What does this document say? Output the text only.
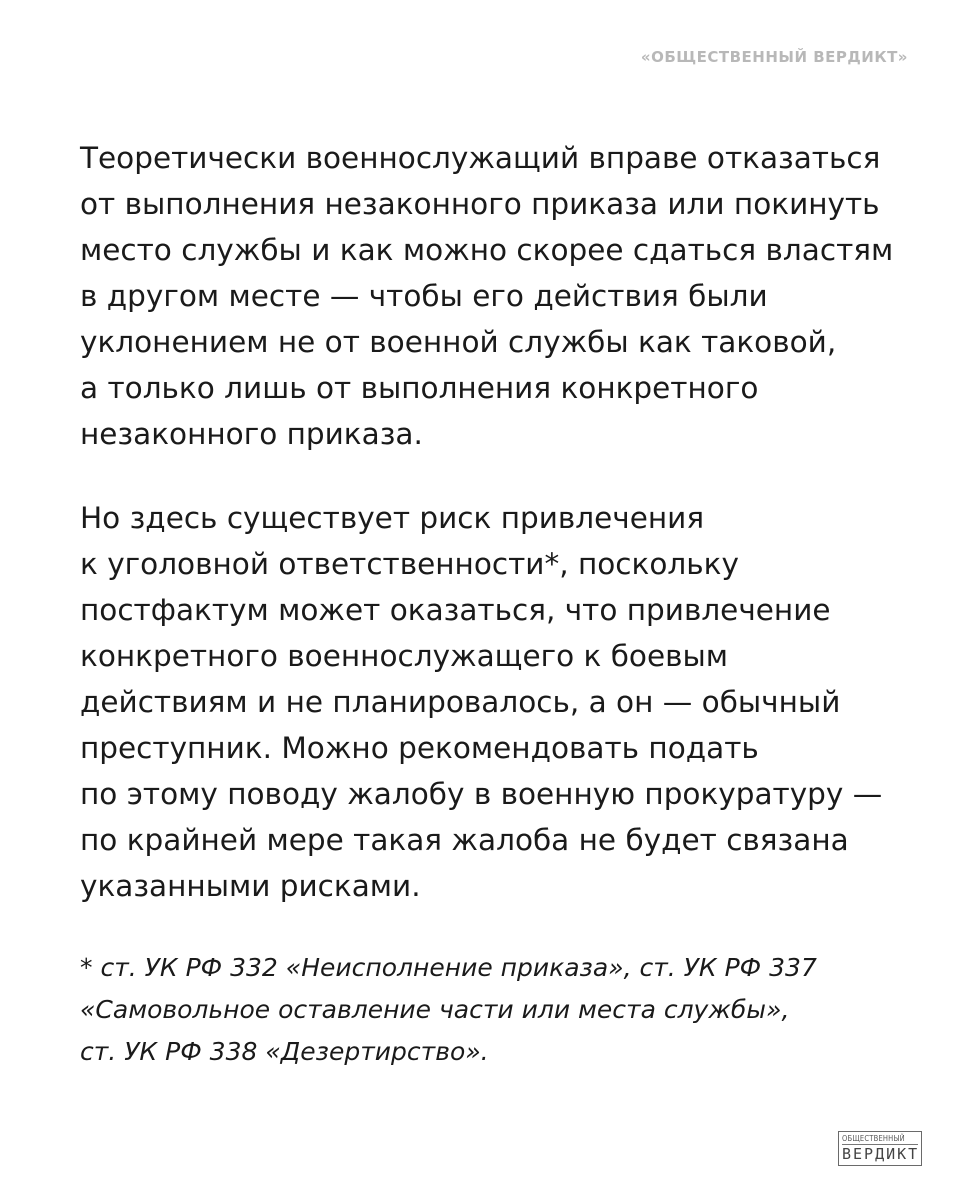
«ОБЩЕСТВЕННЫЙ ВЕРДИКТ»

Теоретически военнослужащий вправе отказаться
от выполнения незаконного приказа или покинуть
место службы и как можно скорее сдаться властям
в другом месте — чтобы его действия были
уклонением не от военной службы как таковой,
а только лишь от выполнения конкретного
незаконного приказа.

Но здесь существует риск привлечения
к уголовной ответственности*, поскольку
постфактум может оказаться, что привлечение
конкретного военнослужащего к боевым
действиям и не планировалось, а он — обычный
преступник. Можно рекомендовать подать
по этому поводу жалобу в военную прокуратуру —
по крайней мере такая жалоба не будет связана
указанными рисками.

* ст. УК РФ 332 «Неисполнение приказа», ст. УК РФ 337
«Самовольное оставление части или места службы»,
ст. УК РФ 338 «Дезертирство».

ОБЩЕСТВЕННЫЙ
ВЕРДИКТ
